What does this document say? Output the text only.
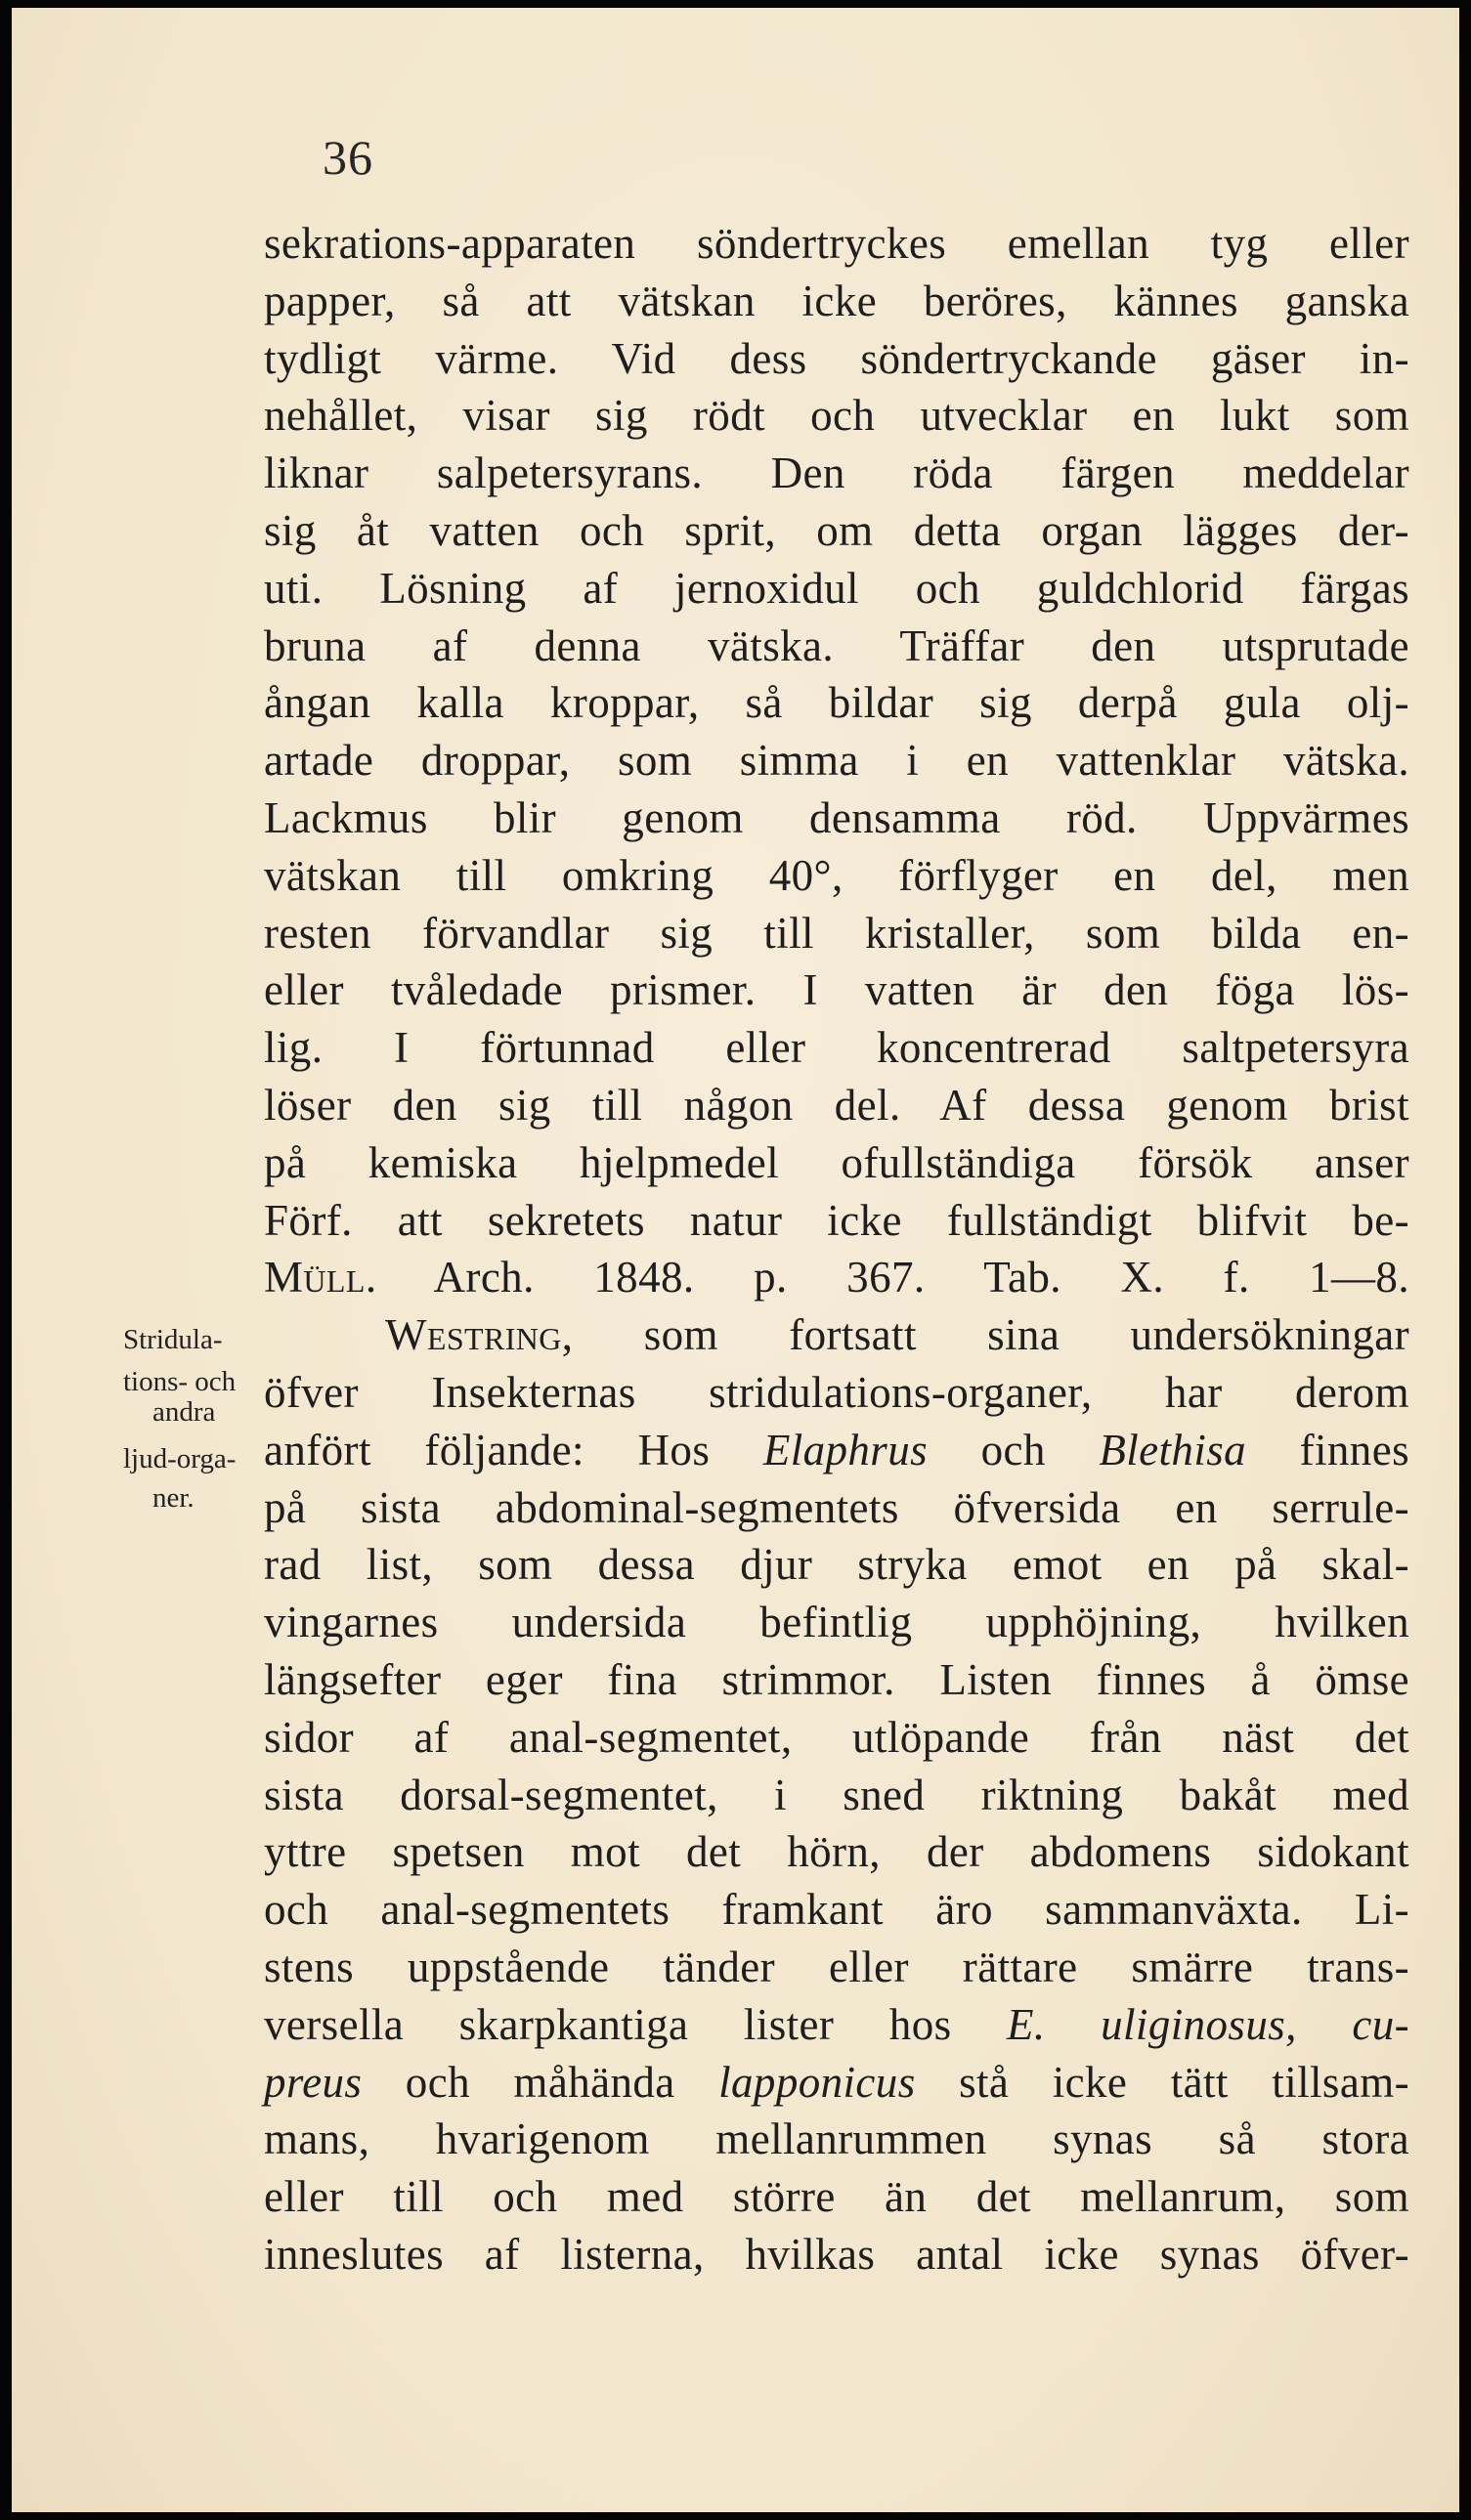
36
Stridula-
tions- och
andra
ljud-orga-
ner.
sekrations-apparaten söndertryckes emellan tyg eller
papper, så att vätskan icke beröres, kännes ganska
tydligt värme. Vid dess söndertryckande gäser in-
nehållet, visar sig rödt och utvecklar en lukt som
liknar salpetersyrans. Den röda färgen meddelar
sig åt vatten och sprit, om detta organ lägges der-
uti. Lösning af jernoxidul och guldchlorid färgas
bruna af denna vätska. Träffar den utsprutade
ångan kalla kroppar, så bildar sig derpå gula olj-
artade droppar, som simma i en vattenklar vätska.
Lackmus blir genom densamma röd. Uppvärmes
vätskan till omkring 40°, förflyger en del, men
resten förvandlar sig till kristaller, som bilda en-
eller tvåledade prismer. I vatten är den föga lös-
lig. I förtunnad eller koncentrerad saltpetersyra
löser den sig till någon del. Af dessa genom brist
på kemiska hjelpmedel ofullständiga försök anser
Förf. att sekretets natur icke fullständigt blifvit be-
Müll. Arch. 1848. p. 367. Tab. X. f. 1—8.
Westring, som fortsatt sina undersökningar
öfver Insekternas stridulations-organer, har derom
anfört följande: Hos Elaphrus och Blethisa finnes
på sista abdominal-segmentets öfversida en serrule-
rad list, som dessa djur stryka emot en på skal-
vingarnes undersida befintlig upphöjning, hvilken
längsefter eger fina strimmor. Listen finnes å ömse
sidor af anal-segmentet, utlöpande från näst det
sista dorsal-segmentet, i sned riktning bakåt med
yttre spetsen mot det hörn, der abdomens sidokant
och anal-segmentets framkant äro sammanväxta. Li-
stens uppstående tänder eller rättare smärre trans-
versella skarpkantiga lister hos E. uliginosus, cu-
preus och måhända lapponicus stå icke tätt tillsam-
mans, hvarigenom mellanrummen synas så stora
eller till och med större än det mellanrum, som
inneslutes af listerna, hvilkas antal icke synas öfver-
